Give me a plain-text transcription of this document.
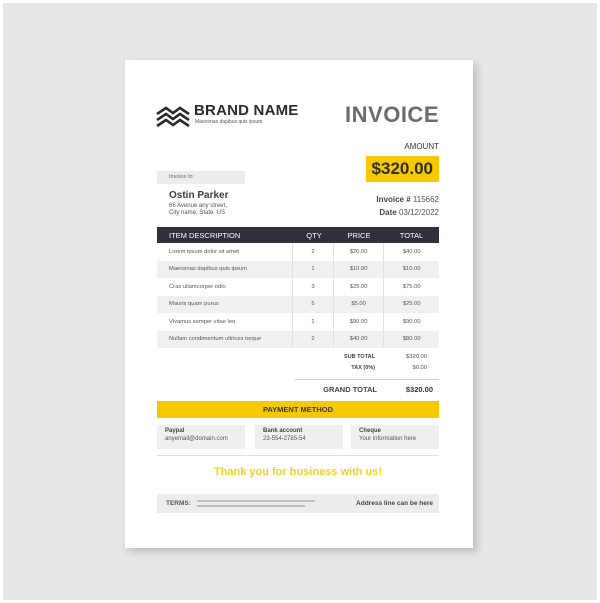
BRAND NAME
Maecenas dapibus quis ipsum	INVOICE
AMOUNT
$320.00
Invoice to:
Ostin Parker
66 Avenue any street,
City name, State, US
Invoice # 115662
Date 03/12/2022
ITEM DESCRIPTION	QTY	PRICE	TOTAL
Lorem ipsum dolor sit amet	2	$20.00	$40.00
Maecenas dapibus quis ipsum	1	$10.00	$10.00
Cras ullamcorper odio	3	$25.00	$75.00
Mauris quam purus	5	$5.00	$25.00
Vivamus semper vitae leo	1	$90.00	$90.00
Nullam condimentum ultrices neque	2	$40.00	$80.00
SUB TOTAL	$320.00
TAX (0%)	$0.00
GRAND TOTAL	$320.00
PAYMENT METHOD
Paypal
anyemail@domain.com
Bank account
23-554-2785-54
Cheque
Your information here
Thank you for business with us!
TERMS:	Address line can be here
